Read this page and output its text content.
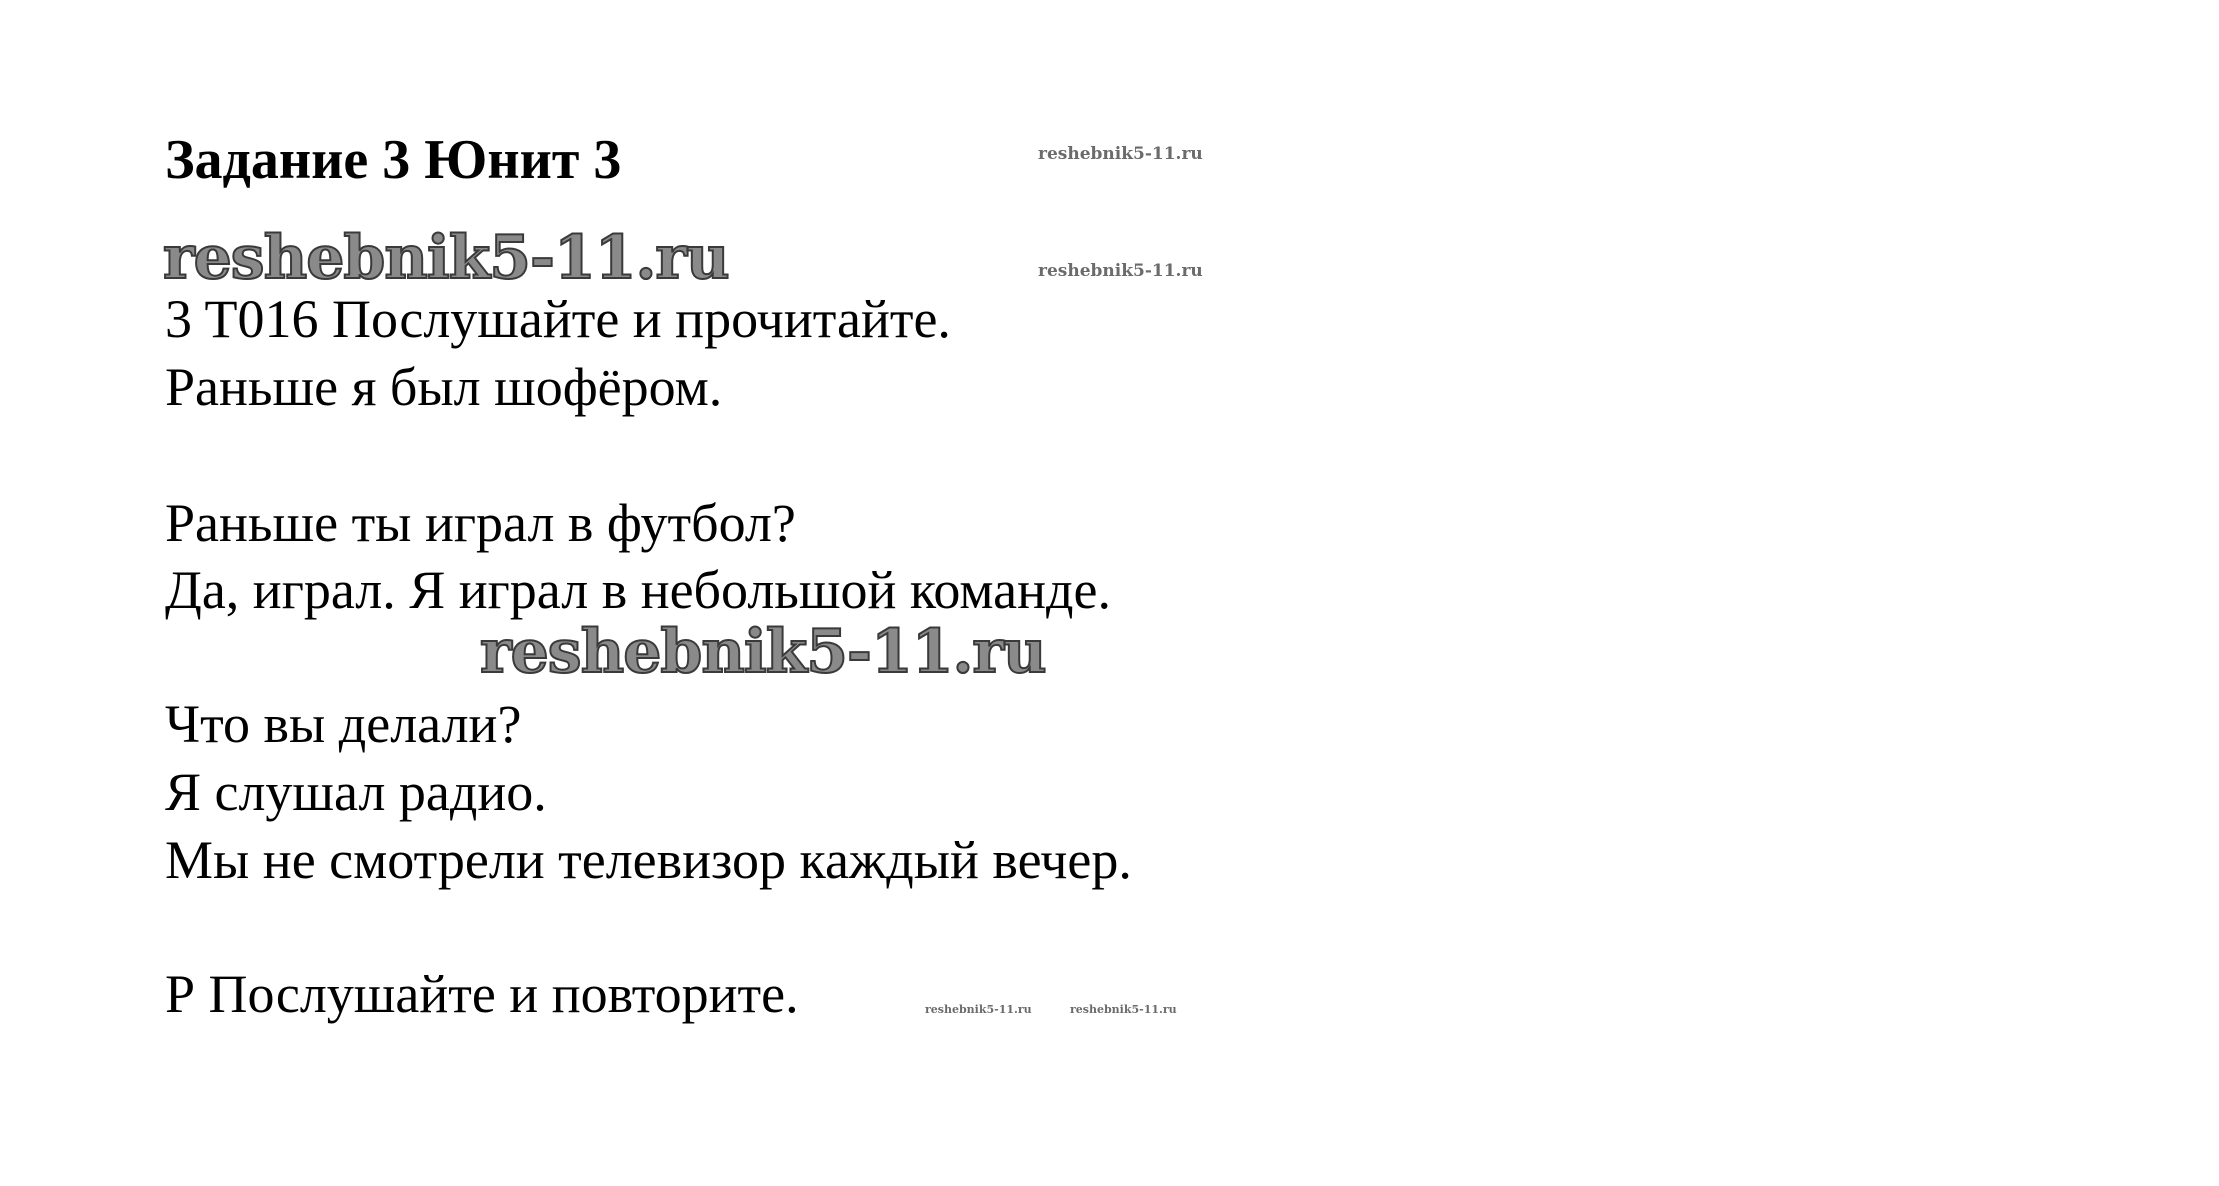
Задание 3 Юнит 3	reshebnik5-11.ru
reshebnik5-11.ru
reshebnik5-11.ru
3 T016 Послушайте и прочитайте.
Раньше я был шофёром.
Раньше ты играл в футбол?
Да, играл. Я играл в небольшой команде.
reshebnik5-11.ru
Что вы делали?
Я слушал радио.
Мы не смотрели телевизор каждый вечер.
Р Послушайте и повторите.	reshebnik5-11.ru	reshebnik5-11.ru
